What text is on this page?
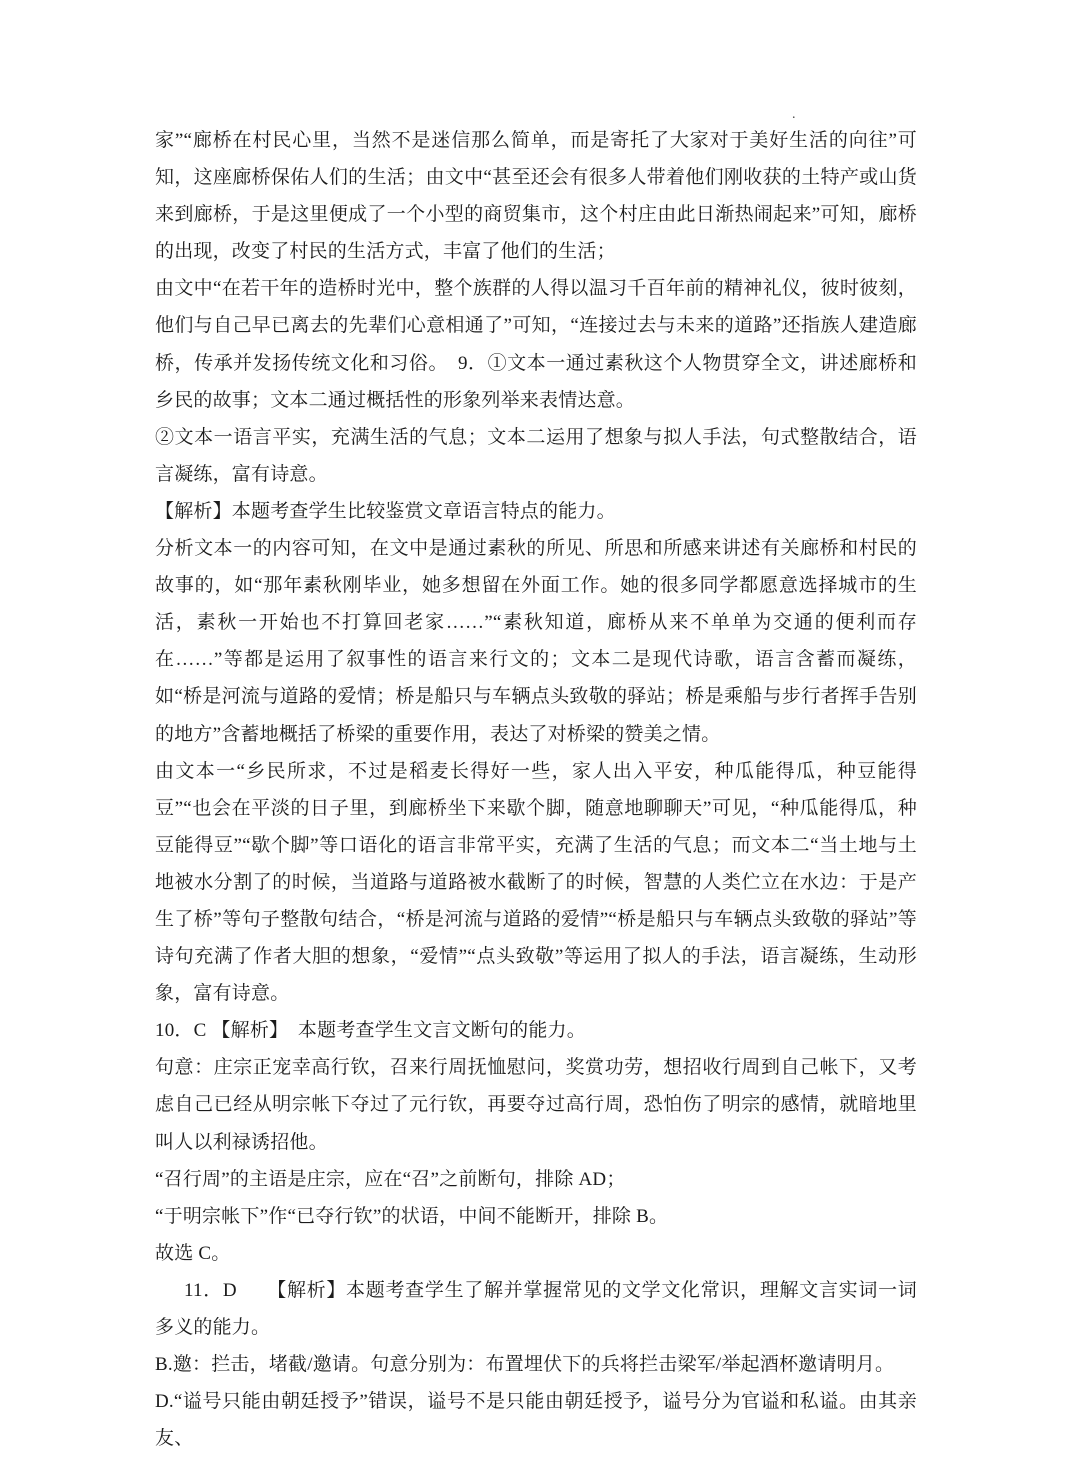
.

家”“廊桥在村民心里，当然不是迷信那么简单，而是寄托了大家对于美好生活的向往”可知，这座廊桥保佑人们的生活；由文中“甚至还会有很多人带着他们刚收获的土特产或山货来到廊桥，于是这里便成了一个小型的商贸集市，这个村庄由此日渐热闹起来”可知，廊桥的出现，改变了村民的生活方式，丰富了他们的生活；

由文中“在若干年的造桥时光中，整个族群的人得以温习千百年前的精神礼仪，彼时彼刻，他们与自己早已离去的先辈们心意相通了”可知，“连接过去与未来的道路”还指族人建造廊桥，传承并发扬传统文化和习俗。　9．①文本一通过素秋这个人物贯穿全文，讲述廊桥和乡民的故事；文本二通过概括性的形象列举来表情达意。

②文本一语言平实，充满生活的气息；文本二运用了想象与拟人手法，句式整散结合，语言凝练，富有诗意。

【解析】本题考查学生比较鉴赏文章语言特点的能力。

分析文本一的内容可知，在文中是通过素秋的所见、所思和所感来讲述有关廊桥和村民的故事的，如“那年素秋刚毕业，她多想留在外面工作。她的很多同学都愿意选择城市的生活，素秋一开始也不打算回老家……”“素秋知道，廊桥从来不单单为交通的便利而存在……”等都是运用了叙事性的语言来行文的；文本二是现代诗歌，语言含蓄而凝练，如“桥是河流与道路的爱情；桥是船只与车辆点头致敬的驿站；桥是乘船与步行者挥手告别的地方”含蓄地概括了桥梁的重要作用，表达了对桥梁的赞美之情。

由文本一“乡民所求，不过是稻麦长得好一些，家人出入平安，种瓜能得瓜，种豆能得豆”“也会在平淡的日子里，到廊桥坐下来歇个脚，随意地聊聊天”可见，“种瓜能得瓜，种豆能得豆”“歇个脚”等口语化的语言非常平实，充满了生活的气息；而文本二“当土地与土地被水分割了的时候，当道路与道路被水截断了的时候，智慧的人类伫立在水边：于是产生了桥”等句子整散句结合，“桥是河流与道路的爱情”“桥是船只与车辆点头致敬的驿站”等诗句充满了作者大胆的想象，“爱情”“点头致敬”等运用了拟人的手法，语言凝练，生动形象，富有诗意。

10．C 【解析】　本题考查学生文言文断句的能力。

句意：庄宗正宠幸高行钦，召来行周抚恤慰问，奖赏功劳，想招收行周到自己帐下，又考虑自己已经从明宗帐下夺过了元行钦，再要夺过高行周，恐怕伤了明宗的感情，就暗地里叫人以利禄诱招他。

“召行周”的主语是庄宗，应在“召”之前断句，排除 AD；

“于明宗帐下”作“已夺行钦”的状语，中间不能断开，排除 B。

故选 C。

11．D　　【解析】本题考查学生了解并掌握常见的文学文化常识，理解文言实词一词多义的能力。

B.邀：拦击，堵截/邀请。句意分别为：布置埋伏下的兵将拦击梁军/举起酒杯邀请明月。

D.“谥号只能由朝廷授予”错误，谥号不是只能由朝廷授予，谥号分为官谥和私谥。由其亲友、
